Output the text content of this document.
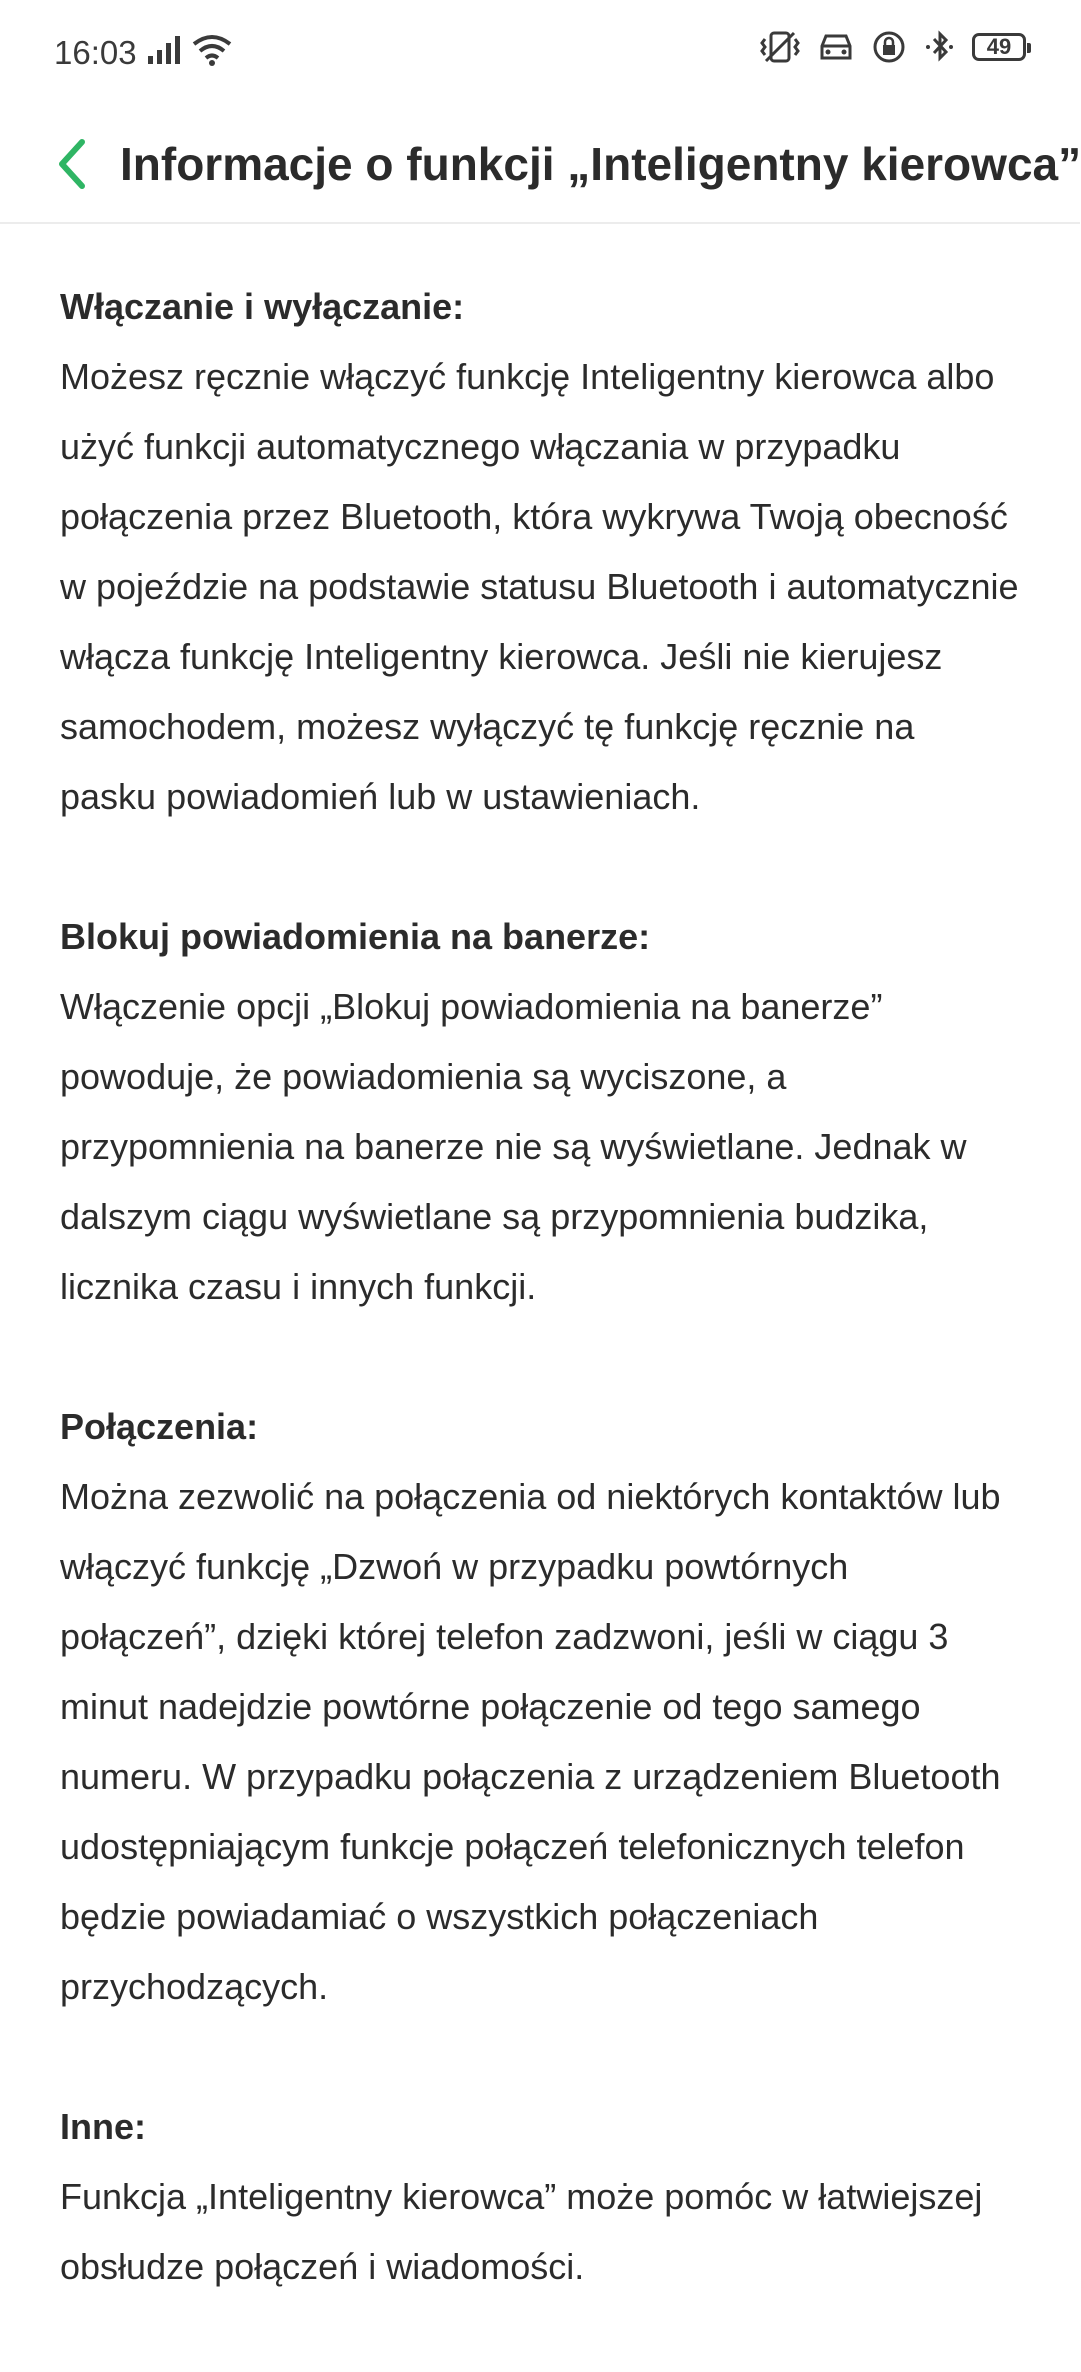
16:03	49
Informacje o funkcji „Inteligentny kierowca”
Włączanie i wyłączanie:
Możesz ręcznie włączyć funkcję Inteligentny kierowca albo użyć funkcji automatycznego włączania w przypadku połączenia przez Bluetooth, która wykrywa Twoją obecność w pojeździe na podstawie statusu Bluetooth i automatycznie włącza funkcję Inteligentny kierowca. Jeśli nie kierujesz samochodem, możesz wyłączyć tę funkcję ręcznie na pasku powiadomień lub w ustawieniach.
Blokuj powiadomienia na banerze:
Włączenie opcji „Blokuj powiadomienia na banerze” powoduje, że powiadomienia są wyciszone, a przypomnienia na banerze nie są wyświetlane. Jednak w dalszym ciągu wyświetlane są przypomnienia budzika, licznika czasu i innych funkcji.
Połączenia:
Można zezwolić na połączenia od niektórych kontaktów lub włączyć funkcję „Dzwoń w przypadku powtórnych połączeń”, dzięki której telefon zadzwoni, jeśli w ciągu 3 minut nadejdzie powtórne połączenie od tego samego numeru. W przypadku połączenia z urządzeniem Bluetooth udostępniającym funkcje połączeń telefonicznych telefon będzie powiadamiać o wszystkich połączeniach przychodzących.
Inne:
Funkcja „Inteligentny kierowca” może pomóc w łatwiejszej obsłudze połączeń i wiadomości.
